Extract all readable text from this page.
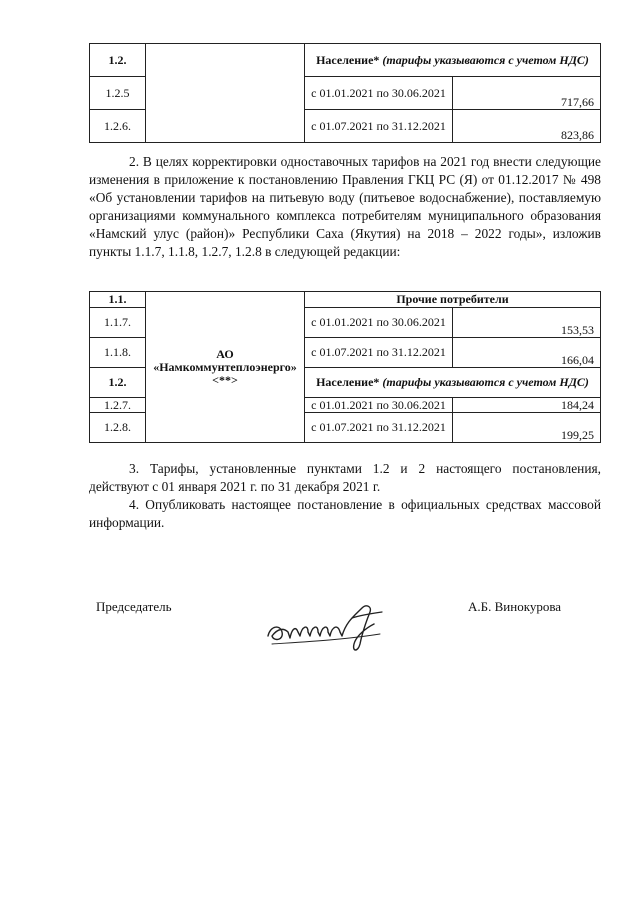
1.2.		Население* (тарифы указываются с учетом НДС)	
1.2.5		с 01.01.2021 по 30.06.2021	717,66
1.2.6.		с 01.07.2021 по 31.12.2021	823,86
2. В целях корректировки одноставочных тарифов на 2021 год внести следующие изменения в приложение к постановлению Правления ГКЦ РС (Я) от 01.12.2017 № 498 «Об установлении тарифов на питьевую воду (питьевое водоснабжение), поставляемую организациями коммунального комплекса потребителям муниципального образования «Намский улус (район)» Республики Саха (Якутия) на 2018 – 2022 годы», изложив пункты 1.1.7, 1.1.8, 1.2.7, 1.2.8 в следующей редакции:
1.1.	АО «Намкоммунтеплоэнерго» <**>	Прочие потребители	
1.1.7.		с 01.01.2021 по 30.06.2021	153,53
1.1.8.		с 01.07.2021 по 31.12.2021	166,04
1.2.		Население* (тарифы указываются с учетом НДС)	
1.2.7.		с 01.01.2021 по 30.06.2021	184,24
1.2.8.		с 01.07.2021 по 31.12.2021	199,25
3. Тарифы, установленные пунктами 1.2 и 2 настоящего постановления, действуют с 01 января 2021 г. по 31 декабря 2021 г.
4. Опубликовать настоящее постановление в официальных средствах массовой информации.
Председатель	А.Б. Винокурова
